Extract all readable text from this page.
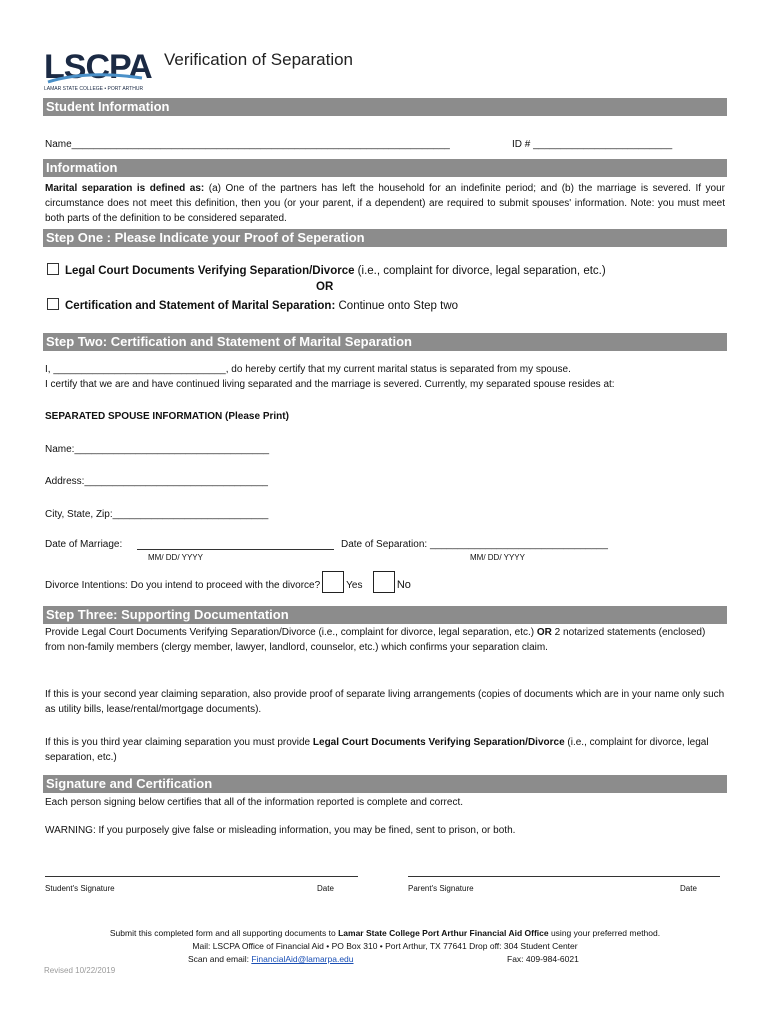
LSCPA
LAMAR STATE COLLEGE • PORT ARTHUR
Verification of Separation
Student Information
Name____________________________________________________________________	ID # _________________________
Information
Marital separation is defined as: (a) One of the partners has left the household for an indefinite period; and (b) the marriage is severed. If your circumstance does not meet this definition, then you (or your parent, if a dependent) are required to submit spouses' information. Note: you must meet both parts of the definition to be considered separated.
Step One : Please Indicate your Proof of Seperation
Legal Court Documents Verifying Separation/Divorce (i.e., complaint for divorce, legal separation, etc.)
OR
Certification and Statement of Marital Separation: Continue onto Step two
Step Two: Certification and Statement of Marital Separation
I, _______________________________, do hereby certify that my current marital status is separated from my spouse.
I certify that we are and have continued living separated and the marriage is severed. Currently, my separated spouse resides at:
SEPARATED SPOUSE INFORMATION (Please Print)
Name:___________________________________
Address:_________________________________
City, State, Zip:____________________________
Date of Marriage:	Date of Separation: ________________________________
MM/ DD/ YYYY	MM/ DD/ YYYY
Divorce Intentions: Do you intend to proceed with the divorce?	Yes	No
Step Three: Supporting Documentation
Provide Legal Court Documents Verifying Separation/Divorce (i.e., complaint for divorce, legal separation, etc.) OR 2 notarized statements (enclosed) from non-family members (clergy member, lawyer, landlord, counselor, etc.) which confirms your separation claim.
If this is your second year claiming separation, also provide proof of separate living arrangements (copies of documents which are in your name only such as utility bills, lease/rental/mortgage documents).
If this is you third year claiming separation you must provide Legal Court Documents Verifying Separation/Divorce (i.e., complaint for divorce, legal separation, etc.)
Signature and Certification
Each person signing below certifies that all of the information reported is complete and correct.
WARNING: If you purposely give false or misleading information, you may be fined, sent to prison, or both.
Student's Signature	Date	Parent's Signature	Date
Submit this completed form and all supporting documents to Lamar State College Port Arthur Financial Aid Office using your preferred method.
Mail: LSCPA Office of Financial Aid • PO Box 310 • Port Arthur, TX 77641 Drop off: 304 Student Center
Scan and email: FinancialAid@lamarpa.edu	Fax: 409-984-6021
Revised 10/22/2019
